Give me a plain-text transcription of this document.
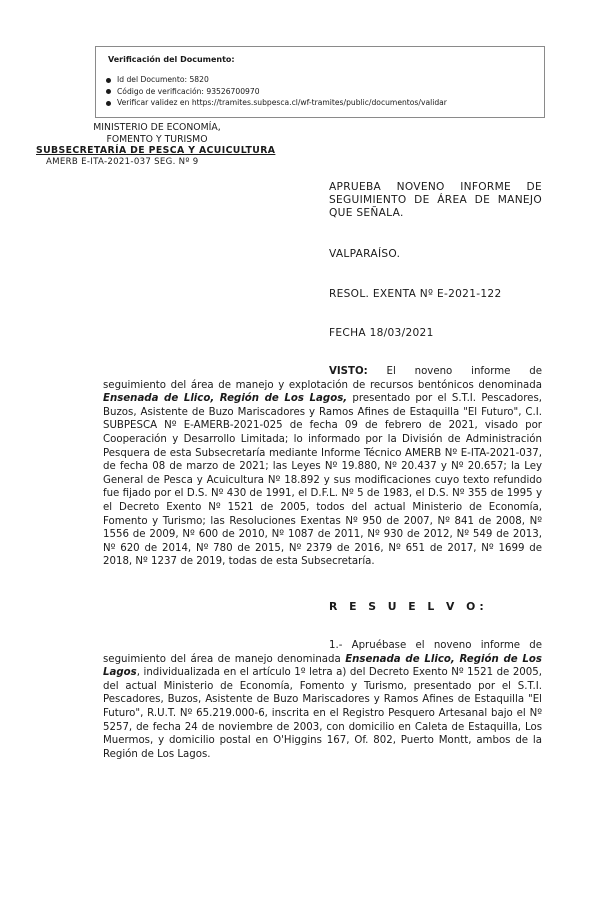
Verificación del Documento:
Id del Documento: 5820
Código de verificación: 93526700970
Verificar validez en https://tramites.subpesca.cl/wf-tramites/public/documentos/validar
MINISTERIO DE ECONOMÍA,
FOMENTO Y TURISMO
SUBSECRETARÍA DE PESCA Y ACUICULTURA
AMERB E-ITA-2021-037 SEG. Nº 9
APRUEBA NOVENO INFORME DE SEGUIMIENTO DE ÁREA DE MANEJO QUE SEÑALA.
VALPARAÍSO.
RESOL. EXENTA Nº E-2021-122
FECHA 18/03/2021

VISTO: El noveno informe de seguimiento del área de manejo y explotación de recursos bentónicos denominada Ensenada de Llico, Región de Los Lagos, presentado por el S.T.I. Pescadores, Buzos, Asistente de Buzo Mariscadores y Ramos Afines de Estaquilla "El Futuro", C.I. SUBPESCA Nº E-AMERB-2021-025 de fecha 09 de febrero de 2021, visado por Cooperación y Desarrollo Limitada; lo informado por la División de Administración Pesquera de esta Subsecretaría mediante Informe Técnico AMERB Nº E-ITA-2021-037, de fecha 08 de marzo de 2021; las Leyes Nº 19.880, Nº 20.437 y Nº 20.657; la Ley General de Pesca y Acuicultura Nº 18.892 y sus modificaciones cuyo texto refundido fue fijado por el D.S. Nº 430 de 1991, el D.F.L. Nº 5 de 1983, el D.S. Nº 355 de 1995 y el Decreto Exento Nº 1521 de 2005, todos del actual Ministerio de Economía, Fomento y Turismo; las Resoluciones Exentas Nº 950 de 2007, Nº 841 de 2008, Nº 1556 de 2009, Nº 600 de 2010, Nº 1087 de 2011, Nº 930 de 2012, Nº 549 de 2013, Nº 620 de 2014, Nº 780 de 2015, Nº 2379 de 2016, Nº 651 de 2017, Nº 1699 de 2018, Nº 1237 de 2019, todas de esta Subsecretaría.

R E S U E L V O:

1.- Apruébase el noveno informe de seguimiento del área de manejo denominada Ensenada de Llico, Región de Los Lagos, individualizada en el artículo 1º letra a) del Decreto Exento Nº 1521 de 2005, del actual Ministerio de Economía, Fomento y Turismo, presentado por el S.T.I. Pescadores, Buzos, Asistente de Buzo Mariscadores y Ramos Afines de Estaquilla "El Futuro", R.U.T. Nº 65.219.000-6, inscrita en el Registro Pesquero Artesanal bajo el Nº 5257, de fecha 24 de noviembre de 2003, con domicilio en Caleta de Estaquilla, Los Muermos, y domicilio postal en O'Higgins 167, Of. 802, Puerto Montt, ambos de la Región de Los Lagos.
